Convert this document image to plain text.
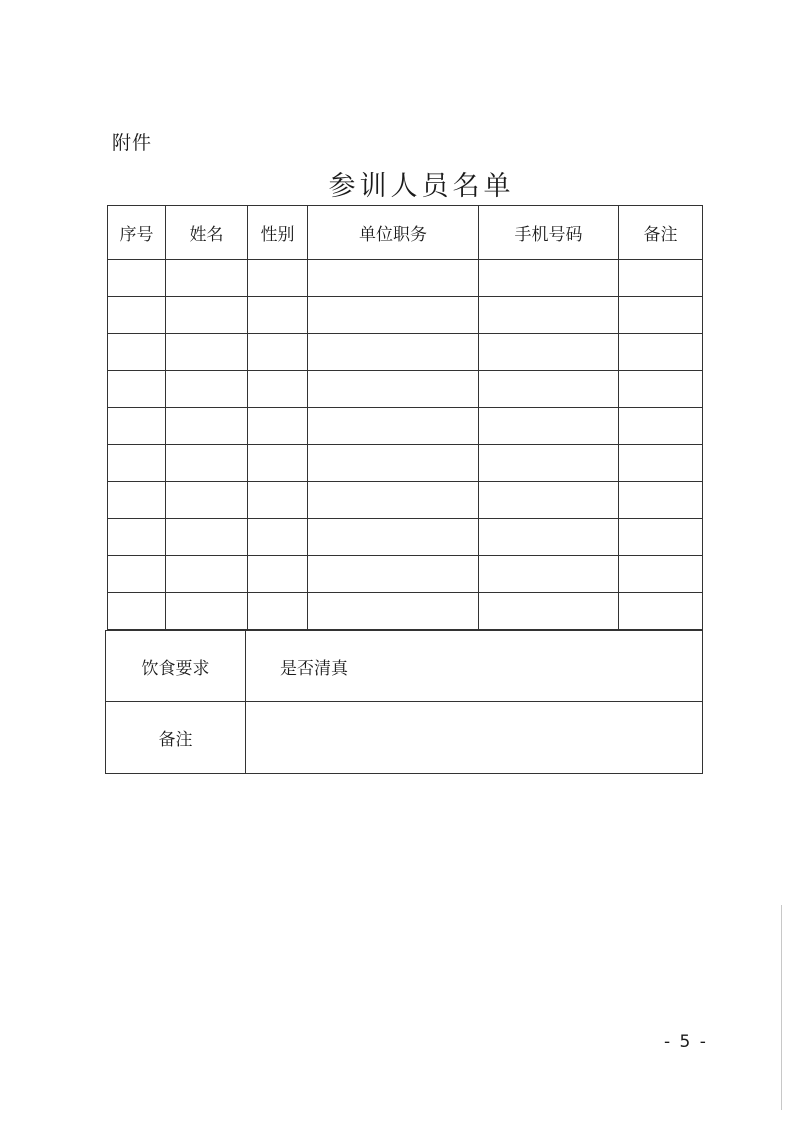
附件
参训人员名单
序号	姓名	性别	单位职务	手机号码	备注

饮食要求	是否清真
备注	
- 5 -
